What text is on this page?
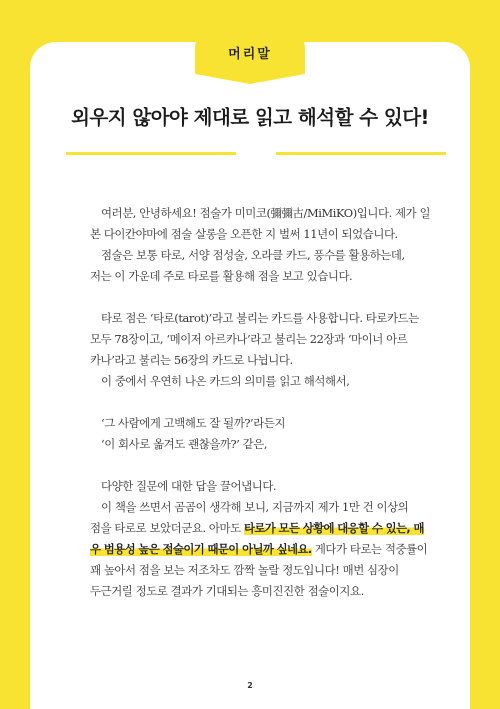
머리말
외우지 않아야 제대로 읽고 해석할 수 있다!

여러분, 안녕하세요! 점술가 미미코(彌彌古/MiMiKO)입니다. 제가 일

본 다이칸야마에 점술 살롱을 오픈한 지 벌써 11년이 되었습니다.

점술은 보통 타로, 서양 점성술, 오라클 카드, 풍수를 활용하는데,

저는 이 가운데 주로 타로를 활용해 점을 보고 있습니다.

타로 점은 ‘타로(tarot)’라고 불리는 카드를 사용합니다. 타로카드는

모두 78장이고, ‘메이저 아르카나’라고 불리는 22장과 ‘마이너 아르

카나’라고 불리는 56장의 카드로 나뉩니다.

이 중에서 우연히 나온 카드의 의미를 읽고 해석해서,

‘그 사람에게 고백해도 잘 될까?’라든지

‘이 회사로 옮겨도 괜찮을까?’ 같은,

다양한 질문에 대한 답을 끌어냅니다.

이 책을 쓰면서 곰곰이 생각해 보니, 지금까지 제가 1만 건 이상의

점을 타로로 보았더군요. 아마도 타로가 모든 상황에 대응할 수 있는, 매

우 범용성 높은 점술이기 때문이 아닐까 싶네요. 게다가 타로는 적중률이

꽤 높아서 점을 보는 저조차도 깜짝 놀랄 정도입니다! 매번 심장이

두근거릴 정도로 결과가 기대되는 흥미진진한 점술이지요.

2
